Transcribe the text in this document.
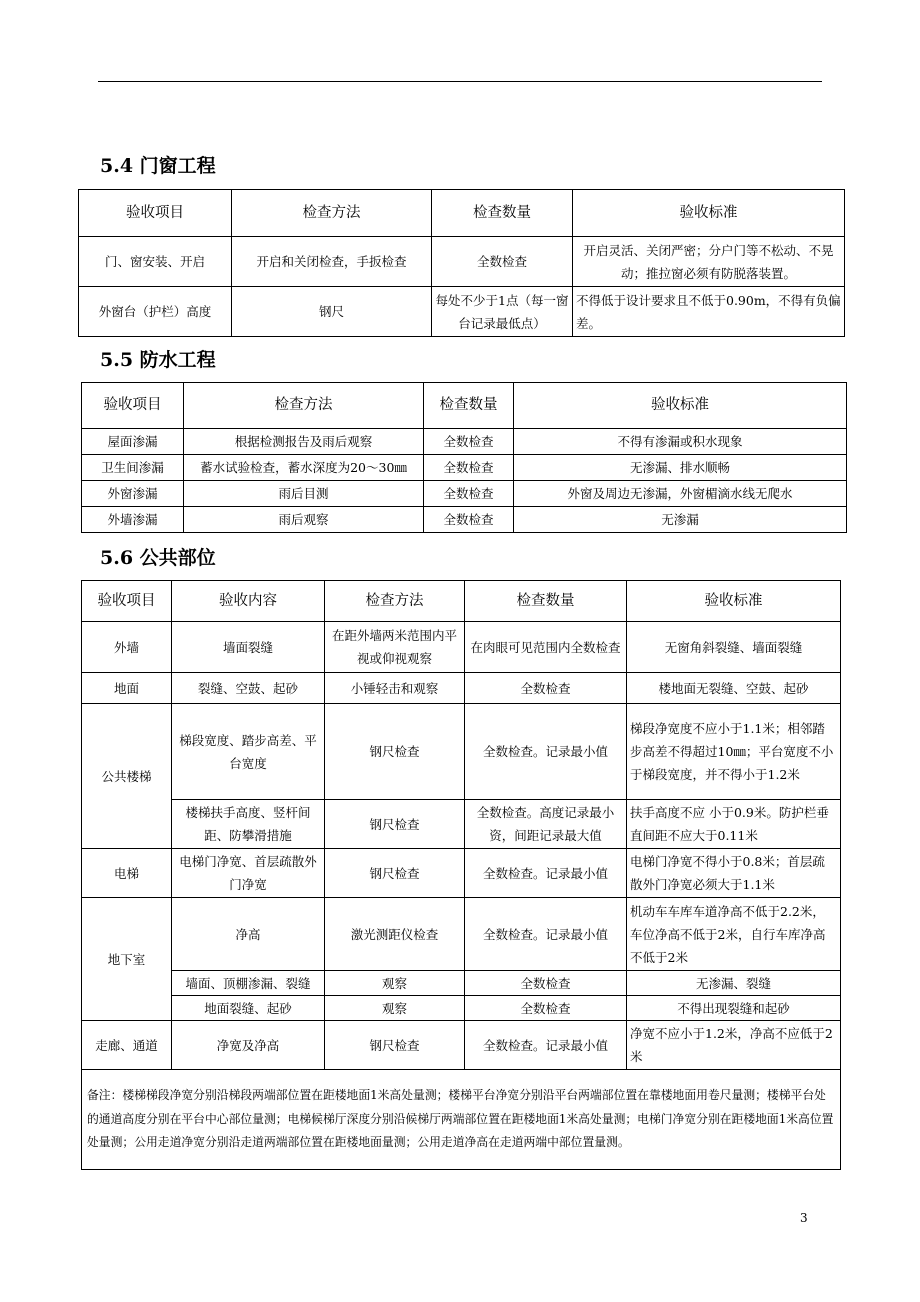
5.4 门窗工程
验收项目	检查方法	检查数量	验收标准
门、窗安装、开启	开启和关闭检查，手扳检查	全数检查	开启灵活、关闭严密；分户门等不松动、不晃动；推拉窗必须有防脱落装置。
外窗台（护栏）高度	钢尺	每处不少于1点（每一窗台记录最低点）	不得低于设计要求且不低于0.90m，不得有负偏差。
5.5 防水工程
验收项目	检查方法	检查数量	验收标准
屋面渗漏	根据检测报告及雨后观察	全数检查	不得有渗漏或积水现象
卫生间渗漏	蓄水试验检查，蓄水深度为20～30㎜	全数检查	无渗漏、排水顺畅
外窗渗漏	雨后目测	全数检查	外窗及周边无渗漏，外窗楣滴水线无爬水
外墙渗漏	雨后观察	全数检查	无渗漏
5.6 公共部位
验收项目	验收内容	检查方法	检查数量	验收标准
外墙	墙面裂缝	在距外墙两米范围内平视或仰视观察	在肉眼可见范围内全数检查	无窗角斜裂缝、墙面裂缝
地面	裂缝、空鼓、起砂	小锤轻击和观察	全数检查	楼地面无裂缝、空鼓、起砂
公共楼梯	梯段宽度、踏步高差、平台宽度	钢尺检查	全数检查。记录最小值	梯段净宽度不应小于1.1米；相邻踏步高差不得超过10㎜；平台宽度不小于梯段宽度，并不得小于1.2米
	楼梯扶手高度、竖杆间距、防攀滑措施	钢尺检查	全数检查。高度记录最小资，间距记录最大值	扶手高度不应 小于0.9米。防护栏垂直间距不应大于0.11米
电梯	电梯门净宽、首层疏散外门净宽	钢尺检查	全数检查。记录最小值	电梯门净宽不得小于0.8米；首层疏散外门净宽必须大于1.1米
地下室	净高	激光测距仪检查	全数检查。记录最小值	机动车车库车道净高不低于2.2米，车位净高不低于2米，自行车库净高不低于2米
	墙面、顶棚渗漏、裂缝	观察	全数检查	无渗漏、裂缝
	地面裂缝、起砂	观察	全数检查	不得出现裂缝和起砂
走廊、通道	净宽及净高	钢尺检查	全数检查。记录最小值	净宽不应小于1.2米，净高不应低于2米
备注：楼梯梯段净宽分别沿梯段两端部位置在距楼地面1米高处量测；楼梯平台净宽分别沿平台两端部位置在靠楼地面用卷尺量测；楼梯平台处的通道高度分别在平台中心部位量测；电梯候梯厅深度分别沿候梯厅两端部位置在距楼地面1米高处量测；电梯门净宽分别在距楼地面1米高位置处量测；公用走道净宽分别沿走道两端部位置在距楼地面量测；公用走道净高在走道两端中部位置量测。				
3
